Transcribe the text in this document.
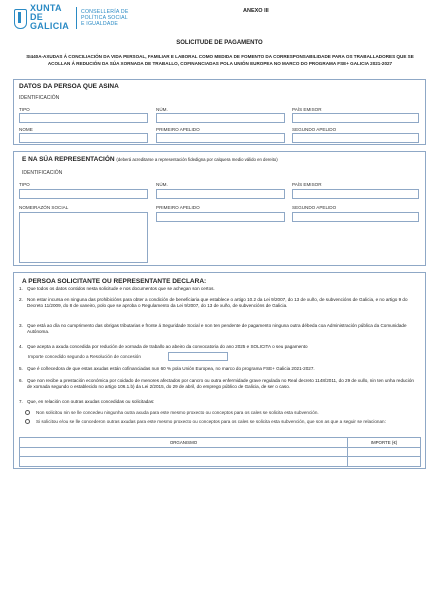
XUNTA DE GALICIA
CONSELLERÍA DE
POLÍTICA SOCIAL
E IGUALDADE
ANEXO III
SOLICITUDE DE PAGAMENTO
SI440A-AXUDAS Á CONCILIACIÓN DA VIDA PERSOAL, FAMILIAR E LABORAL COMO MEDIDA DE FOMENTO DA CORRESPONSABILIDADE PARA OS TRABALLADORES QUE SE ACOLLAN Á REDUCIÓN DA SÚA XORNADA DE TRABALLO, COFINANCIADAS POLA UNIÓN EUROPEA NO MARCO DO PROGRAMA FSE+ GALICIA 2021-2027
DATOS DA PERSOA QUE ASINA
IDENTIFICACIÓN
TIPO	NÚM.	PAÍS EMISOR
NOME	PRIMEIRO APELIDO	SEGUNDO APELIDO
E NA SÚA REPRESENTACIÓN (deberá acreditarse a representación fidedigna por calquera medio válido en dereito)
IDENTIFICACIÓN
TIPO	NÚM.	PAÍS EMISOR
NOMEIRAZÓN SOCIAL	PRIMEIRO APELIDO	SEGUNDO APELIDO
A PERSOA SOLICITANTE OU REPRESENTANTE DECLARA:
1. Que todos os datos contidos nesta solicitude e nos documentos que se achegan son certos.
2. Non estar incursa en ninguna das prohibicións para obter a condición de beneficiaria que establece o artigo 10.2 da Lei 9/2007, do 13 de xuño, de subvencións de Galicia, e no artigo 9 do Decreto 11/2009, do 8 de xaneiro, polo que se aproba o Regulamento da Lei 9/2007, do 13 de xuño, de subvencións de Galicia.
3. Que está ao día no cumprimento das obrigas tributarias e fronte á Seguridade Social e non ten pendente de pagamento ninguna outra débeda coa Administración pública da Comunidade Autónoma.
4. Que acepta a axuda concedida por redución de xornada de traballo ao abeiro da convocatoria do ano 2025 e SOLICITA o seu pagamento
Importe concedido segundo a Resolución de concesión
5. Que é coñecedora de que estas axudas están cofinanciadas nun 60 % pola Unión Europea, no marco do programa FSE+ Galicia 2021-2027.
6. Que non recibe a prestación económica por coidado de menores afectados por cancro ou outra enfermidade grave regulada no Real decreto 1148/2011, do 29 de xullo, nin ten unha redución de xornada segundo o establecido no artigo 106.1.b) da Lei 2/2015, do 29 de abril, do emprego público de Galicia, de ser o caso.
7. Que, en relación con outras axudas concedidas ou solicitadas:
Non solicitou nin se lle concedeu ningunha outra axuda para este mesmo proxecto ou conceptos para os cales se solicita esta subvención.
Si solicitou e/ou se lle concederon outras axudas para este mesmo proxecto ou conceptos para os cales se solicita esta subvención, que son as que a seguir se relacionan:
ORGANISMO	IMPORTE (€)
